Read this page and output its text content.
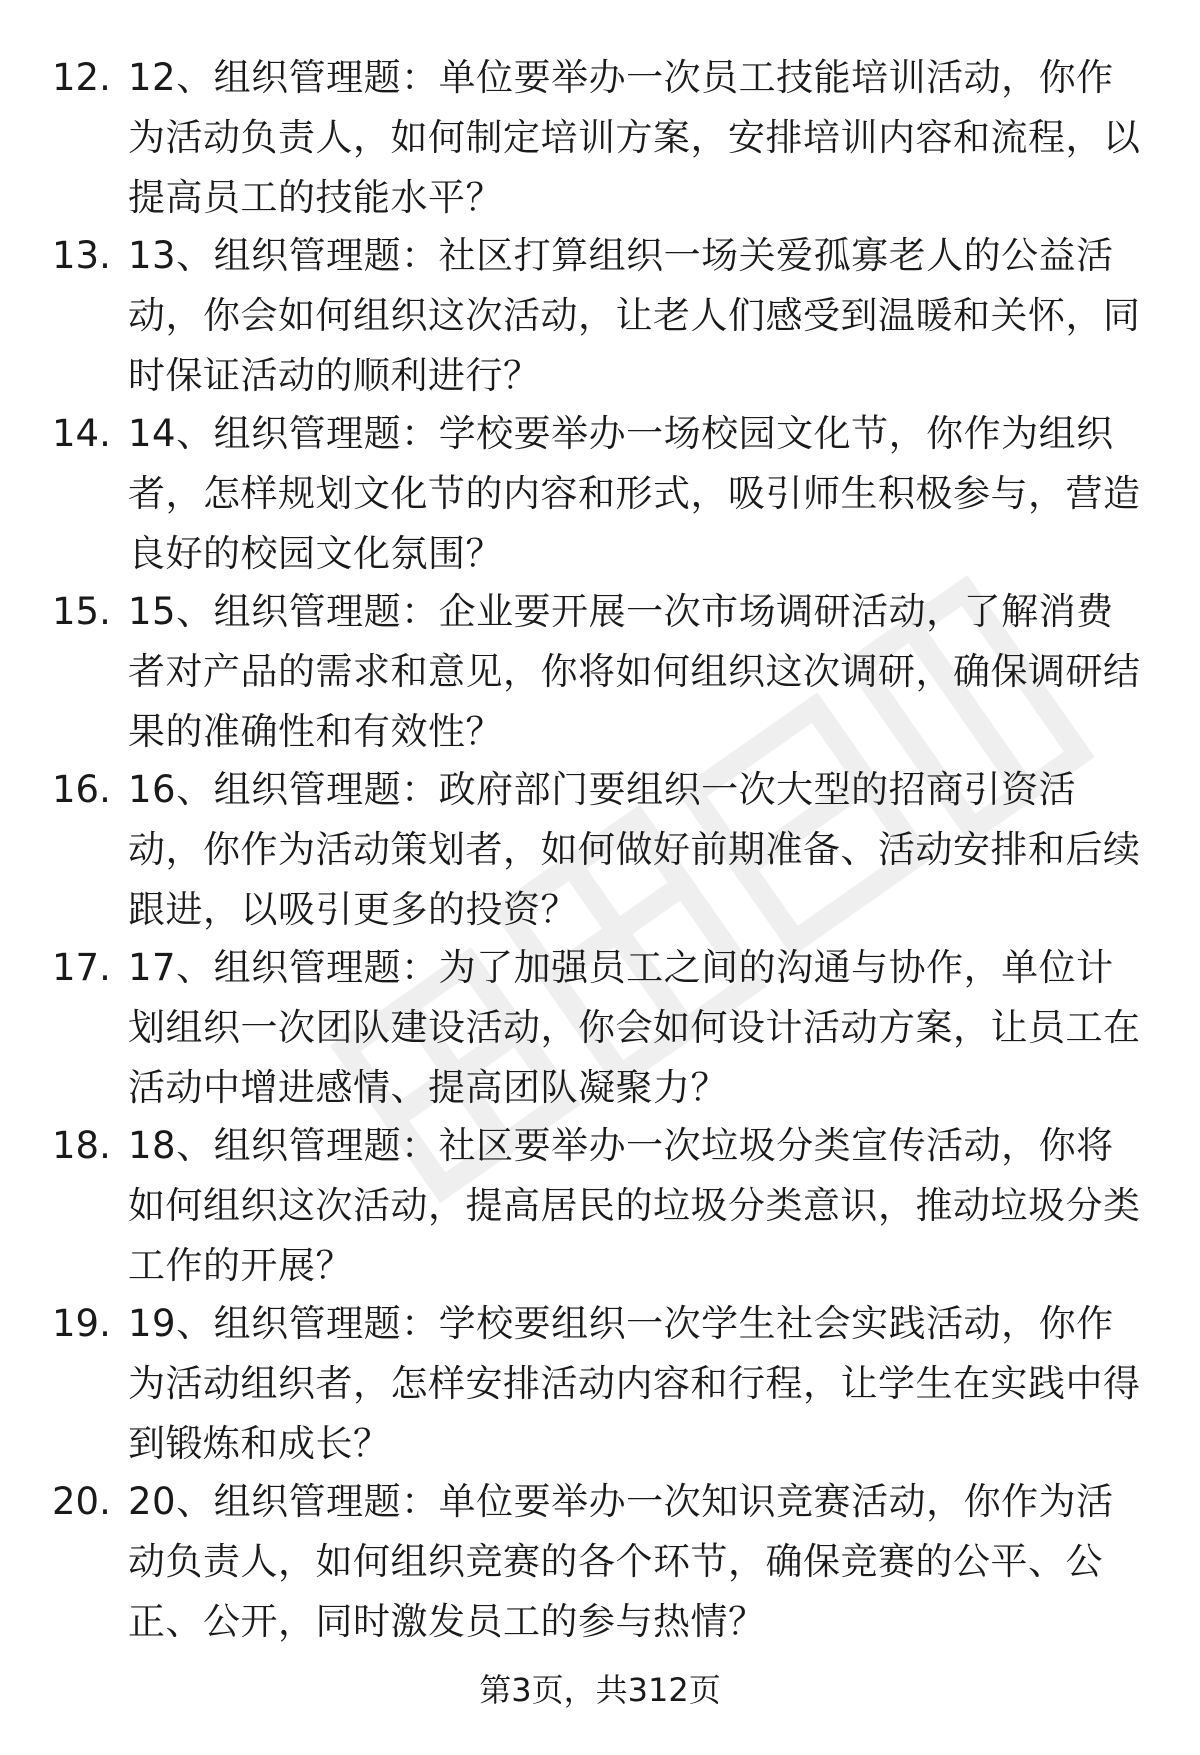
12. 12、组织管理题：单位要举办一次员工技能培训活动，你作为活动负责人，如何制定培训方案，安排培训内容和流程，以提高员工的技能水平？
13. 13、组织管理题：社区打算组织一场关爱孤寡老人的公益活动，你会如何组织这次活动，让老人们感受到温暖和关怀，同时保证活动的顺利进行？
14. 14、组织管理题：学校要举办一场校园文化节，你作为组织者，怎样规划文化节的内容和形式，吸引师生积极参与，营造良好的校园文化氛围？
15. 15、组织管理题：企业要开展一次市场调研活动，了解消费者对产品的需求和意见，你将如何组织这次调研，确保调研结果的准确性和有效性？
16. 16、组织管理题：政府部门要组织一次大型的招商引资活动，你作为活动策划者，如何做好前期准备、活动安排和后续跟进，以吸引更多的投资？
17. 17、组织管理题：为了加强员工之间的沟通与协作，单位计划组织一次团队建设活动，你会如何设计活动方案，让员工在活动中增进感情、提高团队凝聚力？
18. 18、组织管理题：社区要举办一次垃圾分类宣传活动，你将如何组织这次活动，提高居民的垃圾分类意识，推动垃圾分类工作的开展？
19. 19、组织管理题：学校要组织一次学生社会实践活动，你作为活动组织者，怎样安排活动内容和行程，让学生在实践中得到锻炼和成长？
20. 20、组织管理题：单位要举办一次知识竞赛活动，你作为活动负责人，如何组织竞赛的各个环节，确保竞赛的公平、公正、公开，同时激发员工的参与热情？
第3页，共312页
